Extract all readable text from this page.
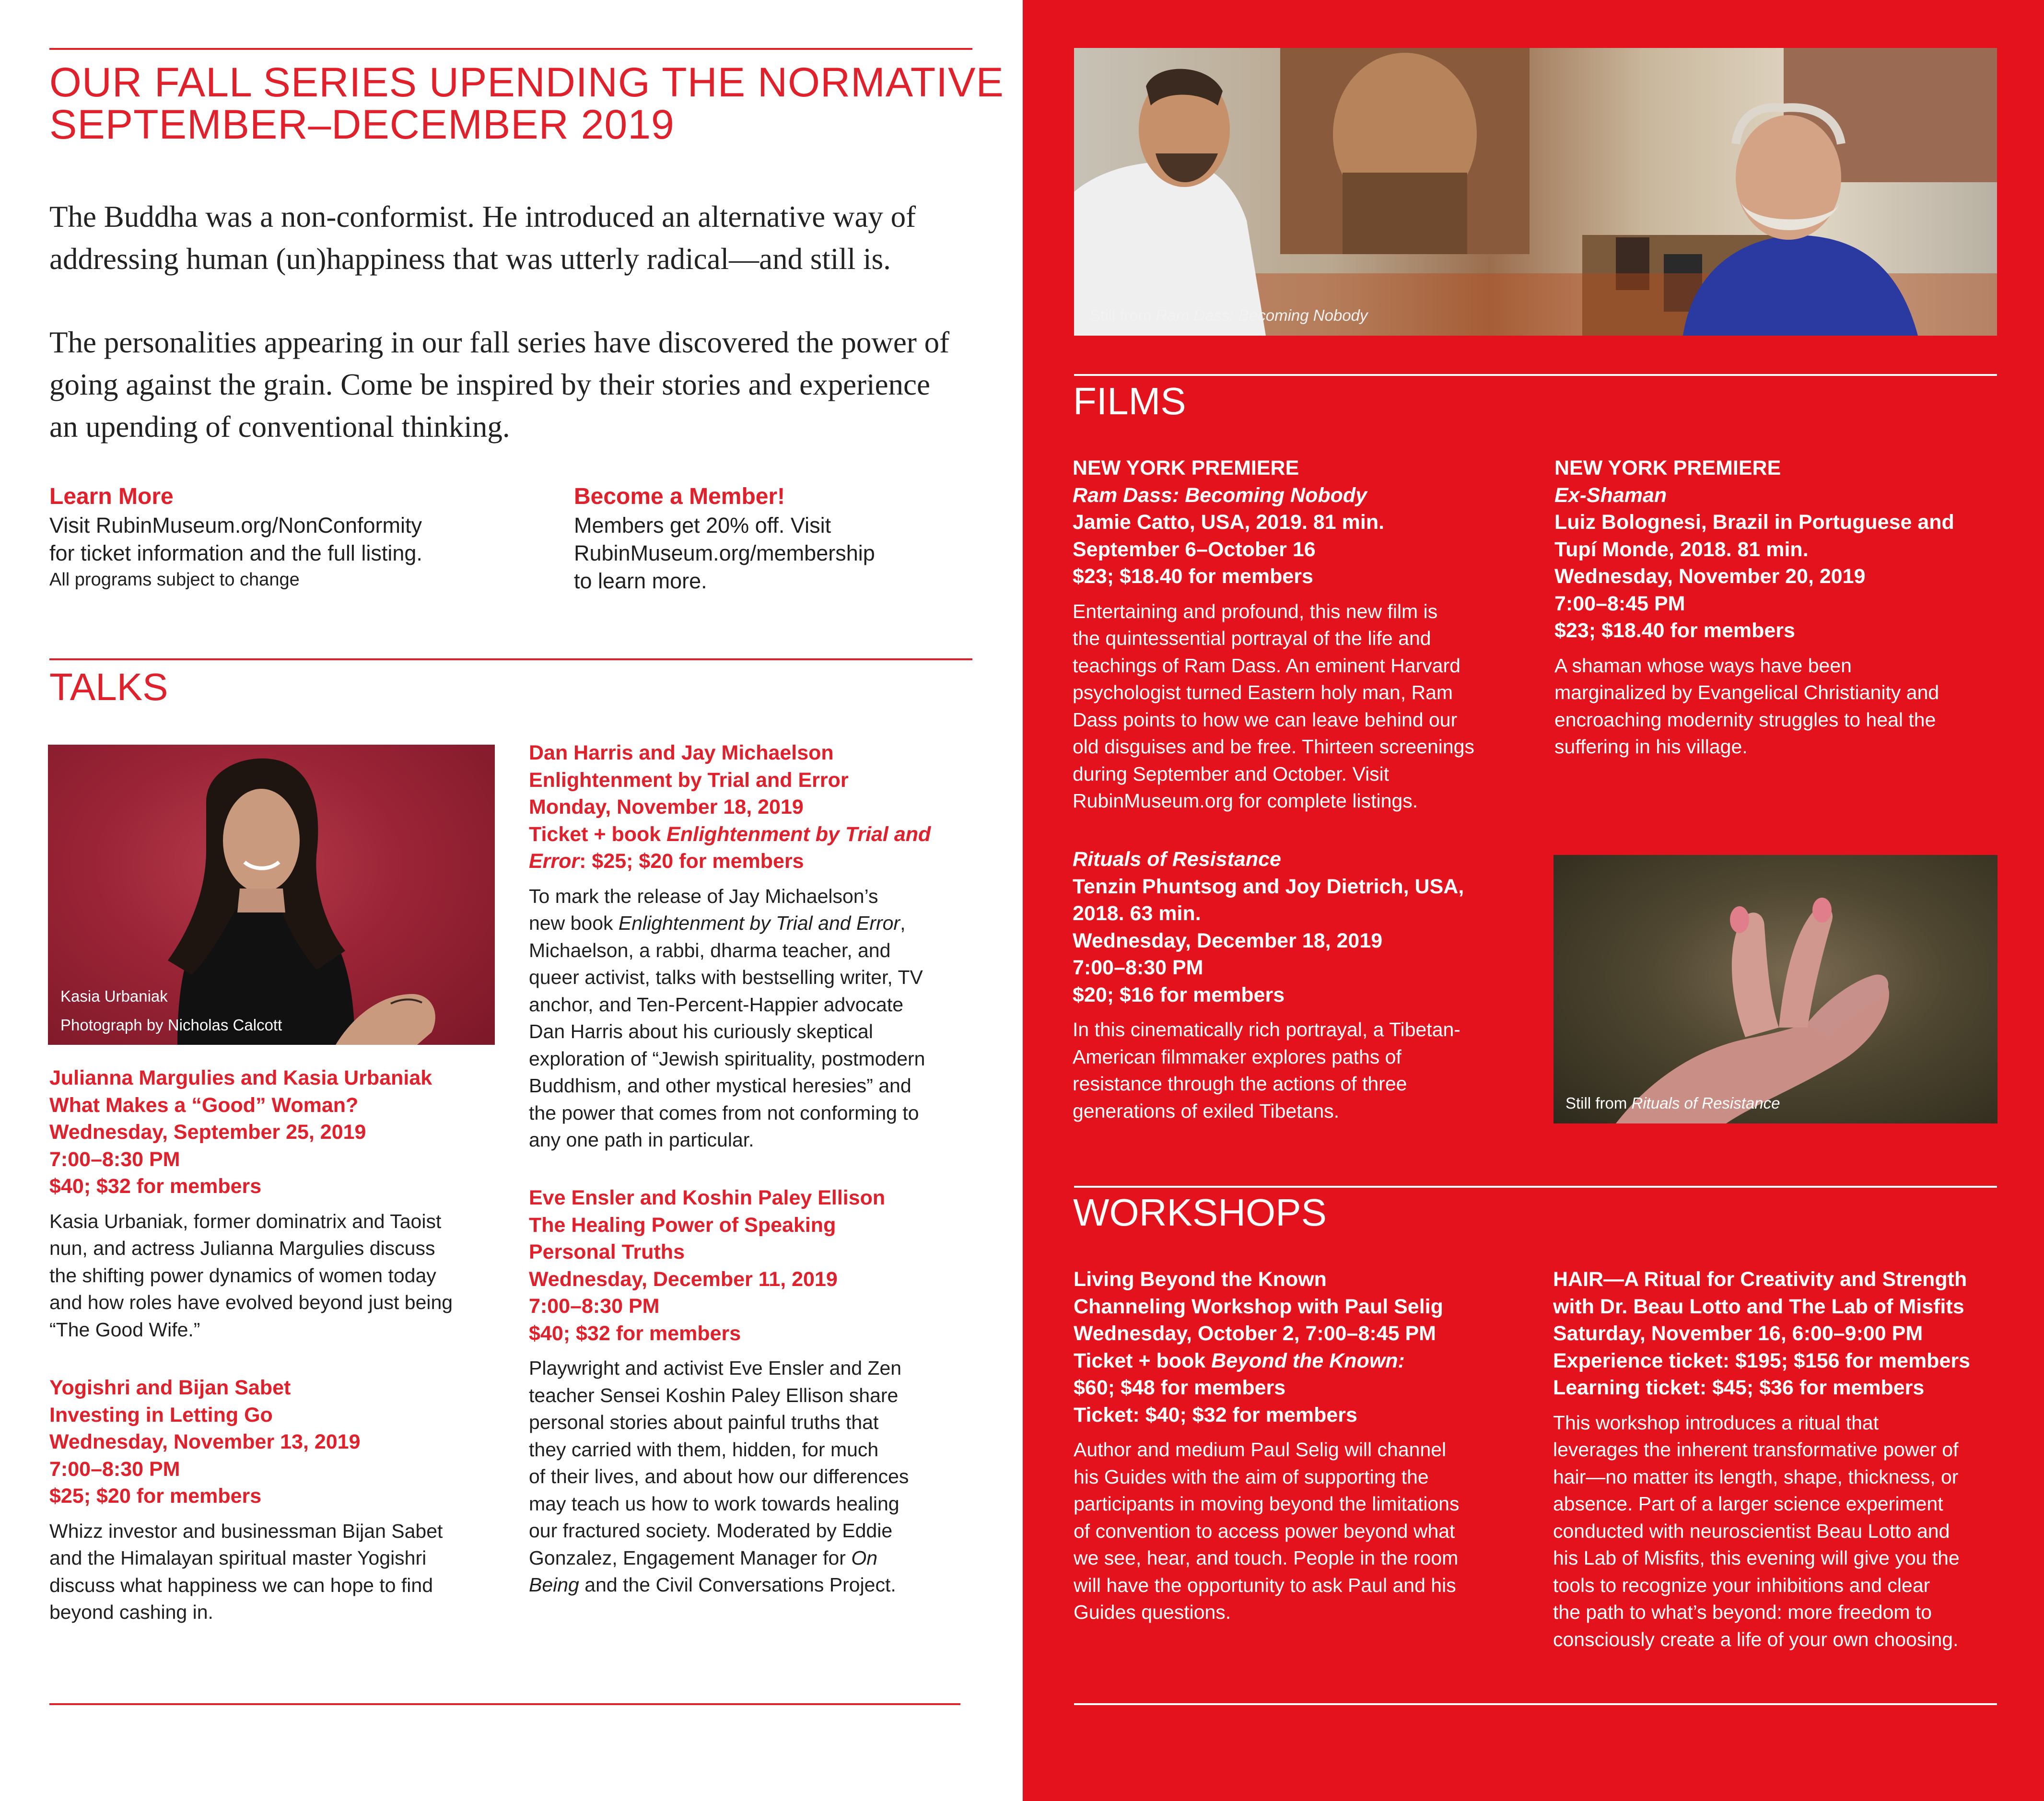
OUR FALL SERIES UPENDING THE NORMATIVE
SEPTEMBER–DECEMBER 2019
The Buddha was a non-conformist. He introduced an alternative way of
addressing human (un)happiness that was utterly radical—and still is.
The personalities appearing in our fall series have discovered the power of
going against the grain. Come be inspired by their stories and experience
an upending of conventional thinking.
Learn More
Visit RubinMuseum.org/NonConformity
for ticket information and the full listing.
All programs subject to change
Become a Member!
Members get 20% off. Visit
RubinMuseum.org/membership
to learn more.
TALKS
Kasia Urbaniak
Photograph by Nicholas Calcott
Julianna Margulies and Kasia Urbaniak
What Makes a “Good” Woman?
Wednesday, September 25, 2019
7:00–8:30 PM
$40; $32 for members
Kasia Urbaniak, former dominatrix and Taoist
nun, and actress Julianna Margulies discuss
the shifting power dynamics of women today
and how roles have evolved beyond just being
“The Good Wife.”
Yogishri and Bijan Sabet
Investing in Letting Go
Wednesday, November 13, 2019
7:00–8:30 PM
$25; $20 for members
Whizz investor and businessman Bijan Sabet
and the Himalayan spiritual master Yogishri
discuss what happiness we can hope to find
beyond cashing in.
Dan Harris and Jay Michaelson
Enlightenment by Trial and Error
Monday, November 18, 2019
Ticket + book Enlightenment by Trial and
Error: $25; $20 for members
To mark the release of Jay Michaelson’s
new book Enlightenment by Trial and Error,
Michaelson, a rabbi, dharma teacher, and
queer activist, talks with bestselling writer, TV
anchor, and Ten-Percent-Happier advocate
Dan Harris about his curiously skeptical
exploration of “Jewish spirituality, postmodern
Buddhism, and other mystical heresies” and
the power that comes from not conforming to
any one path in particular.
Eve Ensler and Koshin Paley Ellison
The Healing Power of Speaking
Personal Truths
Wednesday, December 11, 2019
7:00–8:30 PM
$40; $32 for members
Playwright and activist Eve Ensler and Zen
teacher Sensei Koshin Paley Ellison share
personal stories about painful truths that
they carried with them, hidden, for much
of their lives, and about how our differences
may teach us how to work towards healing
our fractured society. Moderated by Eddie
Gonzalez, Engagement Manager for On
Being and the Civil Conversations Project.
Still from Ram Dass: Becoming Nobody
FILMS
NEW YORK PREMIERE
Ram Dass: Becoming Nobody
Jamie Catto, USA, 2019. 81 min.
September 6–October 16
$23; $18.40 for members
Entertaining and profound, this new film is
the quintessential portrayal of the life and
teachings of Ram Dass. An eminent Harvard
psychologist turned Eastern holy man, Ram
Dass points to how we can leave behind our
old disguises and be free. Thirteen screenings
during September and October. Visit
RubinMuseum.org for complete listings.
NEW YORK PREMIERE
Ex-Shaman
Luiz Bolognesi, Brazil in Portuguese and
Tupí Monde, 2018. 81 min.
Wednesday, November 20, 2019
7:00–8:45 PM
$23; $18.40 for members
A shaman whose ways have been
marginalized by Evangelical Christianity and
encroaching modernity struggles to heal the
suffering in his village.
Rituals of Resistance
Tenzin Phuntsog and Joy Dietrich, USA,
2018. 63 min.
Wednesday, December 18, 2019
7:00–8:30 PM
$20; $16 for members
In this cinematically rich portrayal, a Tibetan-
American filmmaker explores paths of
resistance through the actions of three
generations of exiled Tibetans.	Still from Rituals of Resistance
WORKSHOPS
Living Beyond the Known
Channeling Workshop with Paul Selig
Wednesday, October 2, 7:00–8:45 PM
Ticket + book Beyond the Known:
$60; $48 for members
Ticket: $40; $32 for members
Author and medium Paul Selig will channel
his Guides with the aim of supporting the
participants in moving beyond the limitations
of convention to access power beyond what
we see, hear, and touch. People in the room
will have the opportunity to ask Paul and his
Guides questions.
HAIR—A Ritual for Creativity and Strength
with Dr. Beau Lotto and The Lab of Misfits
Saturday, November 16, 6:00–9:00 PM
Experience ticket: $195; $156 for members
Learning ticket: $45; $36 for members
This workshop introduces a ritual that
leverages the inherent transformative power of
hair—no matter its length, shape, thickness, or
absence. Part of a larger science experiment
conducted with neuroscientist Beau Lotto and
his Lab of Misfits, this evening will give you the
tools to recognize your inhibitions and clear
the path to what’s beyond: more freedom to
consciously create a life of your own choosing.
